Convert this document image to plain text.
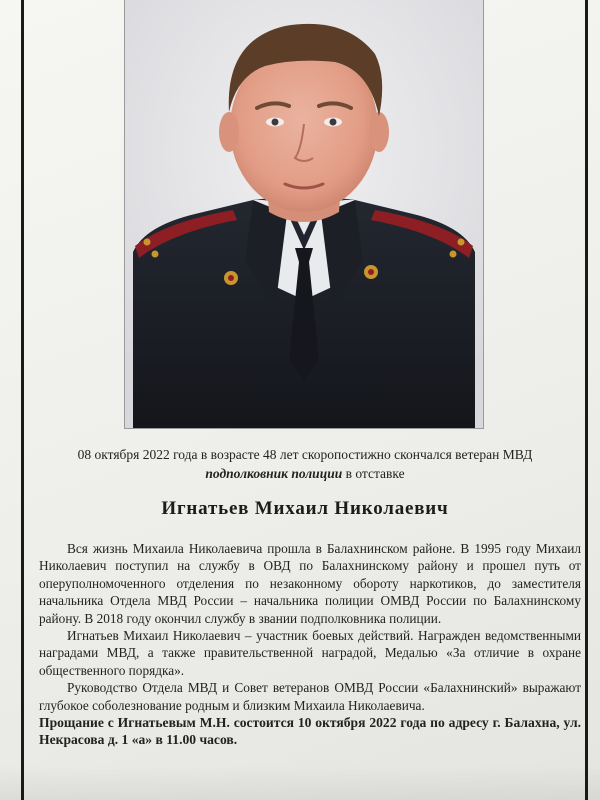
08 октября 2022 года в возрасте 48 лет скоропостижно скончался ветеран МВД
подполковник полиции в отставке
Игнатьев Михаил Николаевич

Вся жизнь Михаила Николаевича прошла в Балахнинском районе. В 1995 году Михаил Николаевич поступил на службу в ОВД по Балахнинскому району и прошел путь от оперуполномоченного отделения по незаконному обороту наркотиков, до заместителя начальника Отдела МВД России – начальника полиции ОМВД России по Балахнинскому району. В 2018 году окончил службу в звании подполковника полиции.

Игнатьев Михаил Николаевич – участник боевых действий. Награжден ведомственными наградами МВД, а также правительственной наградой, Медалью «За отличие в охране общественного порядка».

Руководство Отдела МВД и Совет ветеранов ОМВД России «Балахнинский» выражают глубокое соболезнование родным и близким Михаила Николаевича.

Прощание с Игнатьевым М.Н. состоится 10 октября 2022 года по адресу г. Балахна, ул. Некрасова д. 1 «а» в 11.00 часов.
